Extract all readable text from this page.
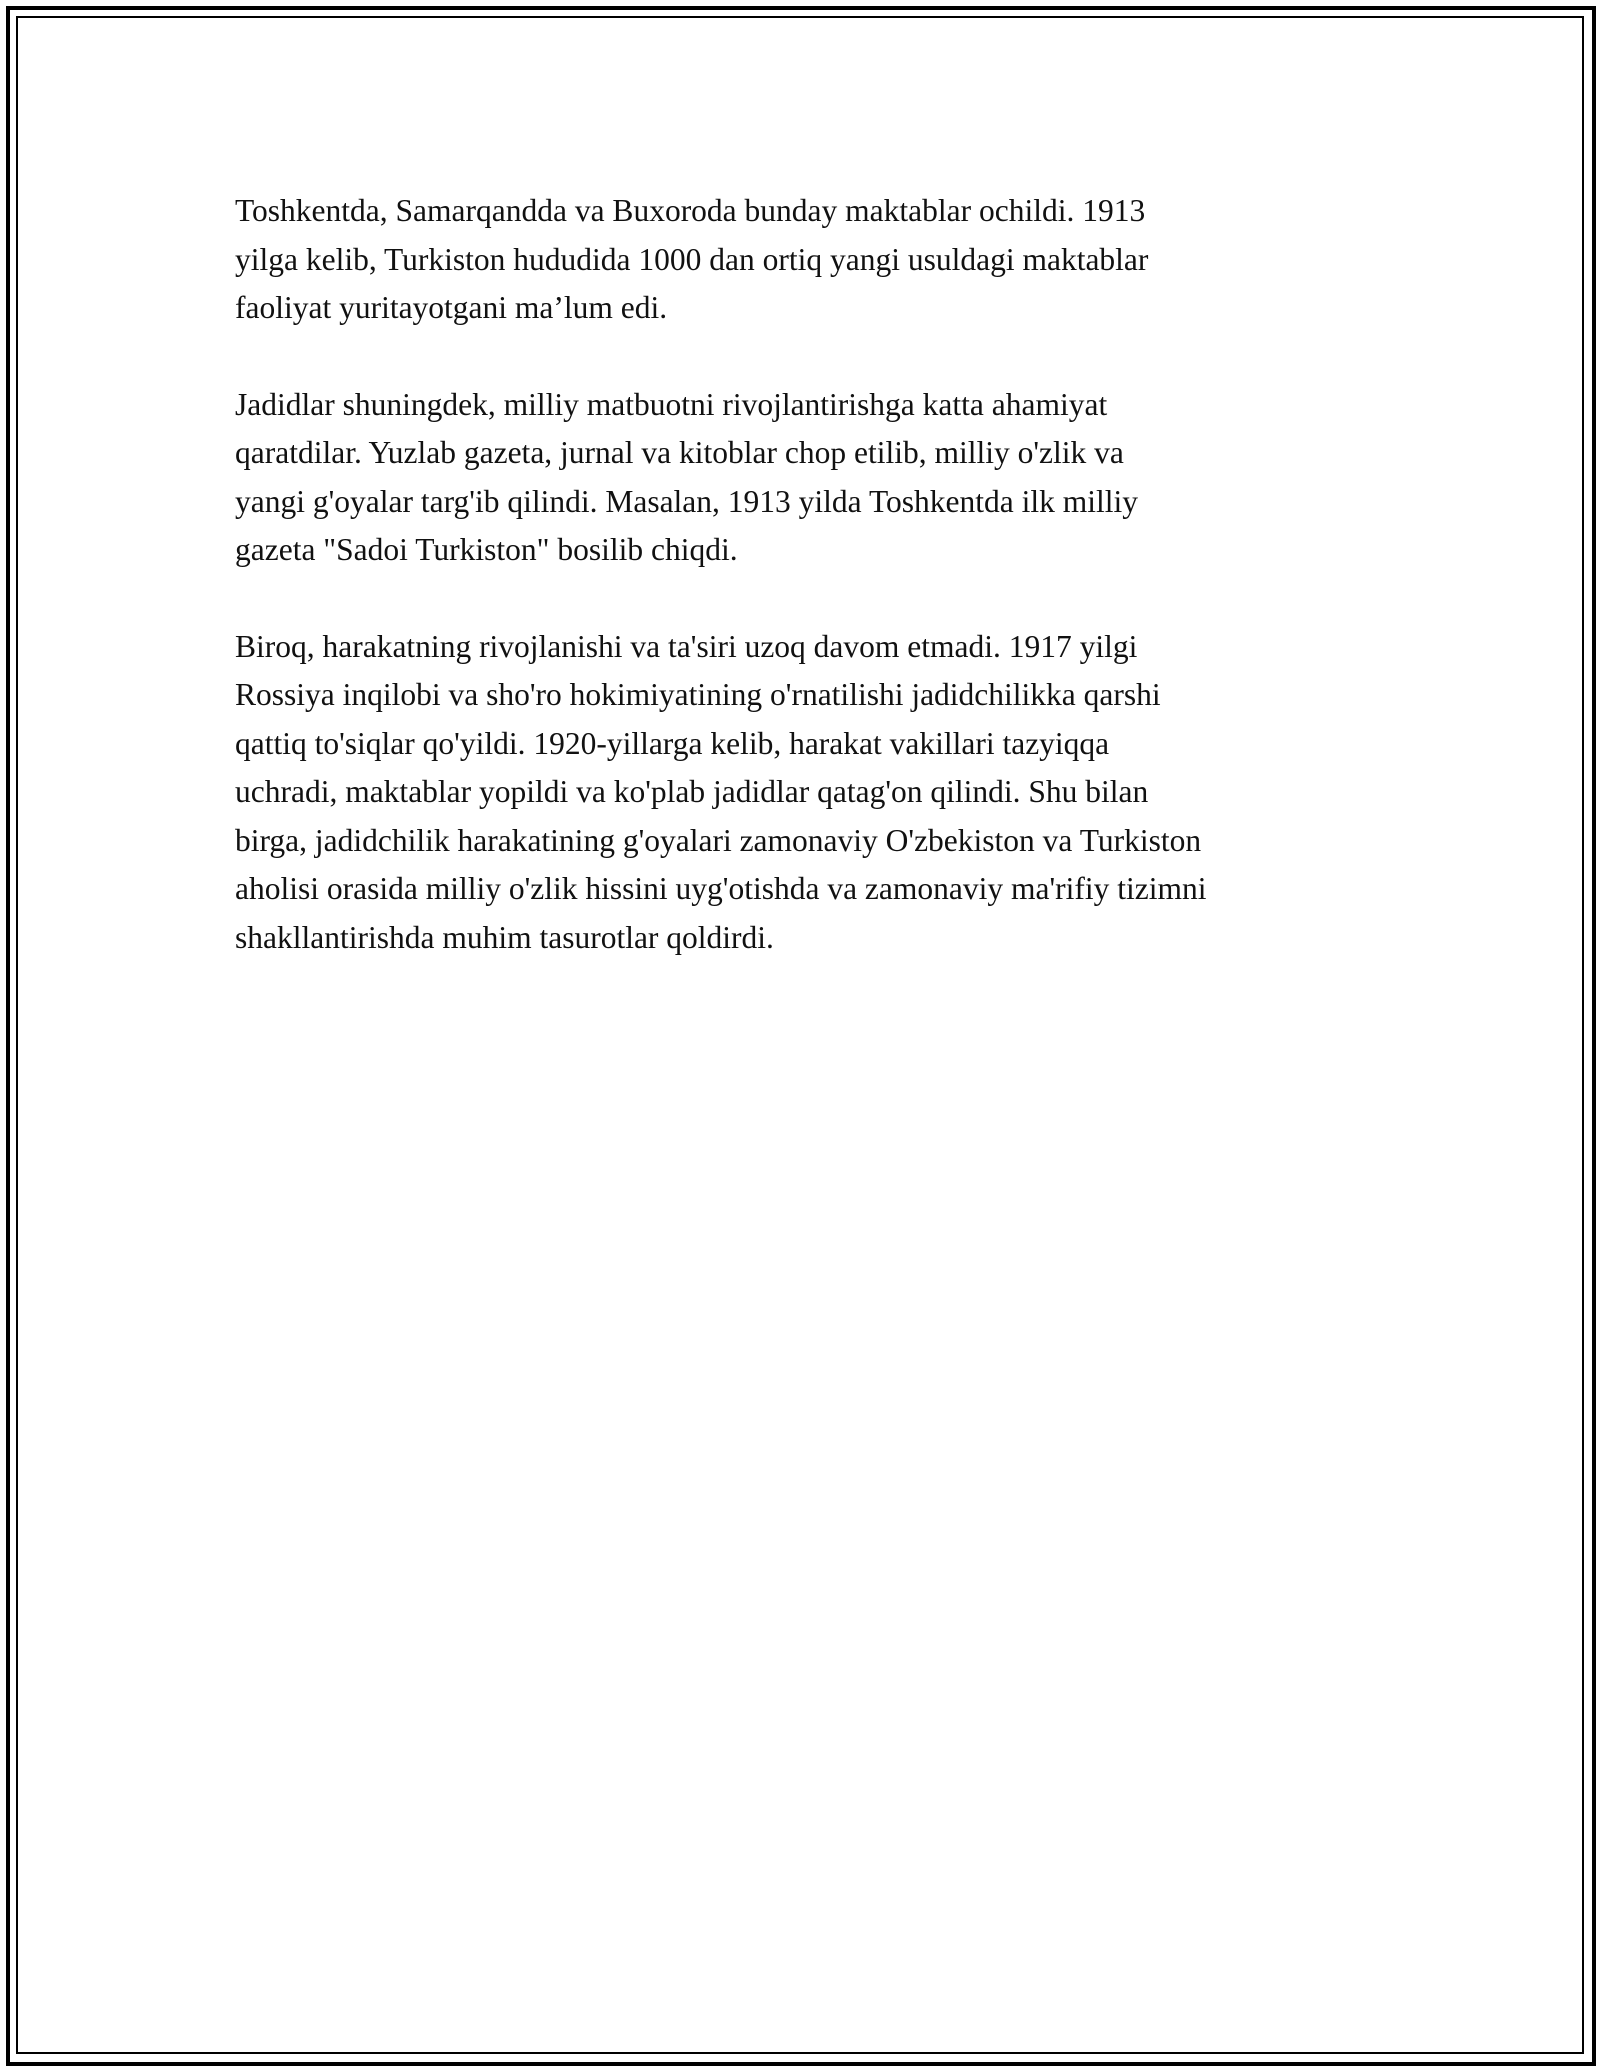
Toshkentda, Samarqandda va Buxoroda bunday maktablar ochildi. 1913
yilga kelib, Turkiston hududida 1000 dan ortiq yangi usuldagi maktablar
faoliyat yuritayotgani ma’lum edi.

Jadidlar shuningdek, milliy matbuotni rivojlantirishga katta ahamiyat
qaratdilar. Yuzlab gazeta, jurnal va kitoblar chop etilib, milliy o'zlik va
yangi g'oyalar targ'ib qilindi. Masalan, 1913 yilda Toshkentda ilk milliy
gazeta "Sadoi Turkiston" bosilib chiqdi.

Biroq, harakatning rivojlanishi va ta'siri uzoq davom etmadi. 1917 yilgi
Rossiya inqilobi va sho'ro hokimiyatining o'rnatilishi jadidchilikka qarshi
qattiq to'siqlar qo'yildi. 1920-yillarga kelib, harakat vakillari tazyiqqa
uchradi, maktablar yopildi va ko'plab jadidlar qatag'on qilindi. Shu bilan
birga, jadidchilik harakatining g'oyalari zamonaviy O'zbekiston va Turkiston
aholisi orasida milliy o'zlik hissini uyg'otishda va zamonaviy ma'rifiy tizimni
shakllantirishda muhim tasurotlar qoldirdi.
